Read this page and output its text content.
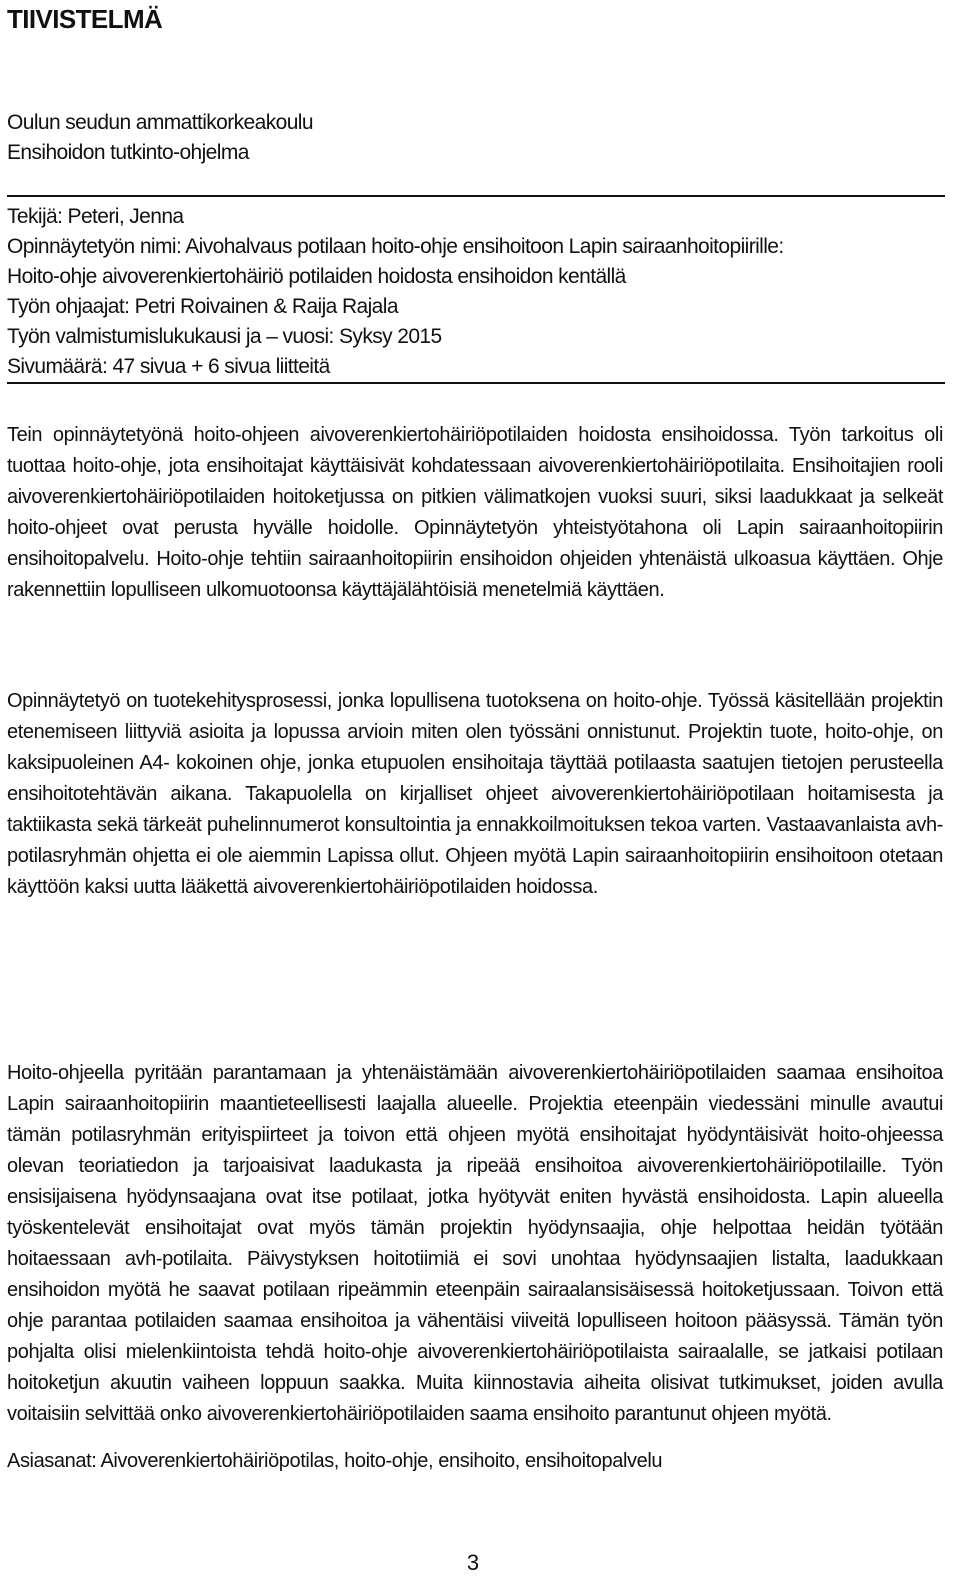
TIIVISTELMÄ
Oulun seudun ammattikorkeakoulu
Ensihoidon tutkinto-ohjelma
Tekijä: Peteri, Jenna
Opinnäytetyön nimi: Aivohalvaus potilaan hoito-ohje ensihoitoon Lapin sairaanhoitopiirille:
Hoito-ohje aivoverenkiertohäiriö potilaiden hoidosta ensihoidon kentällä
Työn ohjaajat: Petri Roivainen & Raija Rajala
Työn valmistumislukukausi ja – vuosi: Syksy 2015
Sivumäärä: 47 sivua + 6 sivua liitteitä

Tein opinnäytetyönä hoito-ohjeen aivoverenkiertohäiriöpotilaiden hoidosta ensihoidossa. Työn tarkoitus oli tuottaa hoito-ohje, jota ensihoitajat käyttäisivät kohdatessaan aivoverenkiertohäiriöpotilaita. Ensihoitajien rooli aivoverenkiertohäiriöpotilaiden hoitoketjussa on pitkien välimatkojen vuoksi suuri, siksi laadukkaat ja selkeät hoito-ohjeet ovat perusta hyvälle hoidolle. Opinnäytetyön yhteistyötahona oli Lapin sairaanhoitopiirin ensihoitopalvelu. Hoito-ohje tehtiin sairaanhoitopiirin ensihoidon ohjeiden yhtenäistä ulkoasua käyttäen. Ohje rakennettiin lopulliseen ulkomuotoonsa käyttäjälähtöisiä menetelmiä käyttäen.

Opinnäytetyö on tuotekehitysprosessi, jonka lopullisena tuotoksena on hoito-ohje. Työssä käsitellään projektin etenemiseen liittyviä asioita ja lopussa arvioin miten olen työssäni onnistunut. Projektin tuote, hoito-ohje, on kaksipuoleinen A4- kokoinen ohje, jonka etupuolen ensihoitaja täyttää potilaasta saatujen tietojen perusteella ensihoitotehtävän aikana. Takapuolella on kirjalliset ohjeet aivoverenkiertohäiriöpotilaan hoitamisesta ja taktiikasta sekä tärkeät puhelinnumerot konsultointia ja ennakkoilmoituksen tekoa varten. Vastaavanlaista avh-potilasryhmän ohjetta ei ole aiemmin Lapissa ollut. Ohjeen myötä Lapin sairaanhoitopiirin ensihoitoon otetaan käyttöön kaksi uutta lääkettä aivoverenkiertohäiriöpotilaiden hoidossa.

Hoito-ohjeella pyritään parantamaan ja yhtenäistämään aivoverenkiertohäiriöpotilaiden saamaa ensihoitoa Lapin sairaanhoitopiirin maantieteellisesti laajalla alueelle. Projektia eteenpäin viedessäni minulle avautui tämän potilasryhmän erityispiirteet ja toivon että ohjeen myötä ensihoitajat hyödyntäisivät hoito-ohjeessa olevan teoriatiedon ja tarjoaisivat laadukasta ja ripeää ensihoitoa aivoverenkiertohäiriöpotilaille. Työn ensisijaisena hyödynsaajana ovat itse potilaat, jotka hyötyvät eniten hyvästä ensihoidosta. Lapin alueella työskentelevät ensihoitajat ovat myös tämän projektin hyödynsaajia, ohje helpottaa heidän työtään hoitaessaan avh-potilaita. Päivystyksen hoitotiimiä ei sovi unohtaa hyödynsaajien listalta, laadukkaan ensihoidon myötä he saavat potilaan ripeämmin eteenpäin sairaalansisäisessä hoitoketjussaan. Toivon että ohje parantaa potilaiden saamaa ensihoitoa ja vähentäisi viiveitä lopulliseen hoitoon pääsyssä. Tämän työn pohjalta olisi mielenkiintoista tehdä hoito-ohje aivoverenkiertohäiriöpotilaista sairaalalle, se jatkaisi potilaan hoitoketjun akuutin vaiheen loppuun saakka. Muita kiinnostavia aiheita olisivat tutkimukset, joiden avulla voitaisiin selvittää onko aivoverenkiertohäiriöpotilaiden saama ensihoito parantunut ohjeen myötä.

Asiasanat: Aivoverenkiertohäiriöpotilas, hoito-ohje, ensihoito, ensihoitopalvelu

3
